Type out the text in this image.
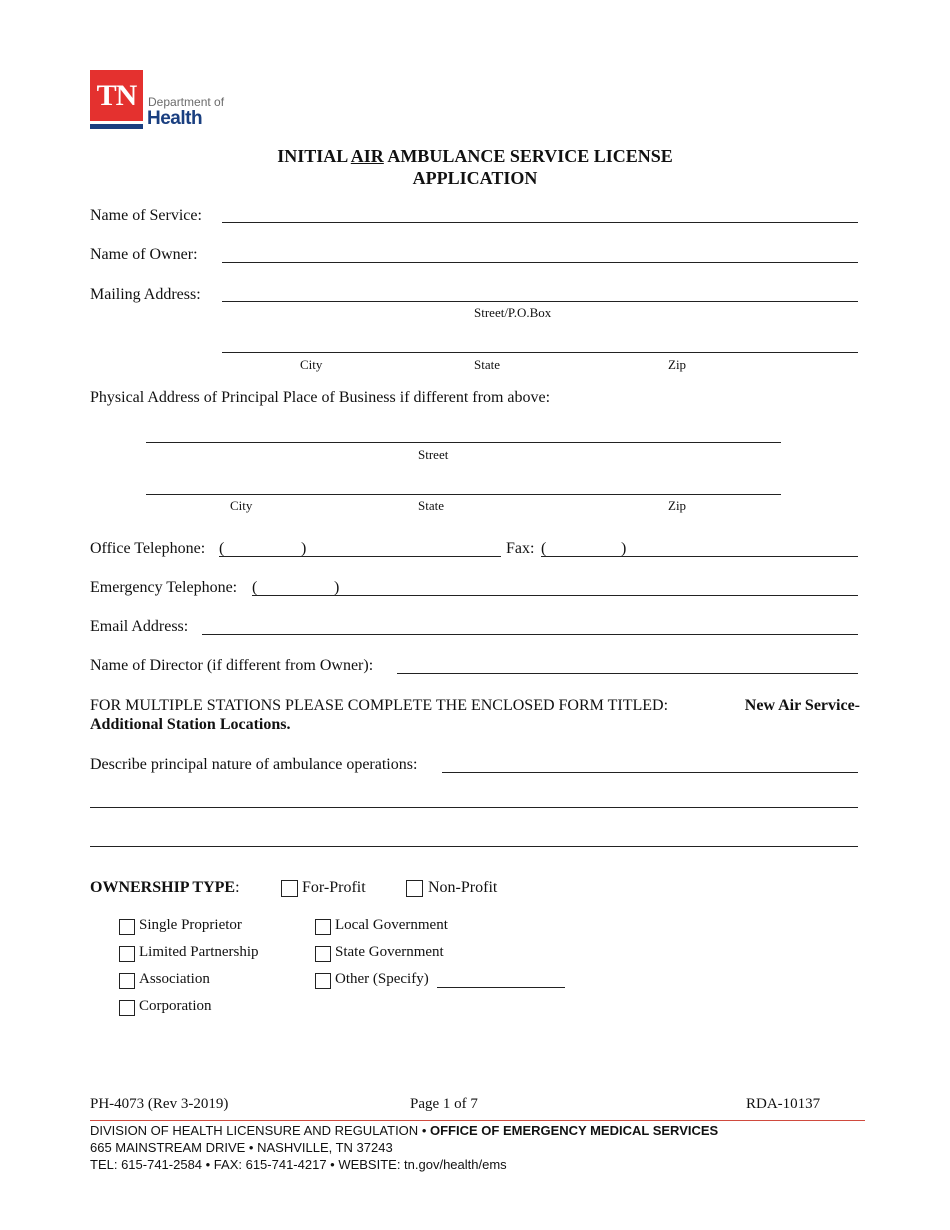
TN Department of
Health
INITIAL AIR AMBULANCE SERVICE LICENSE
APPLICATION
Name of Service:
Name of Owner:
Mailing Address:
Street/P.O.Box
City	State	Zip
Physical Address of Principal Place of Business if different from above:
Street
City	State	Zip
Office Telephone: (	)	Fax: (	)
Emergency Telephone: (	)
Email Address:
Name of Director (if different from Owner):
FOR MULTIPLE STATIONS PLEASE COMPLETE THE ENCLOSED FORM TITLED:	New Air Service-
Additional Station Locations.
Describe principal nature of ambulance operations:
OWNERSHIP TYPE:	For-Profit	Non-Profit
Single Proprietor
Limited Partnership
Association
Corporation
Local Government
State Government
Other (Specify)
PH-4073 (Rev 3-2019)	Page 1 of 7	RDA-10137
DIVISION OF HEALTH LICENSURE AND REGULATION • OFFICE OF EMERGENCY MEDICAL SERVICES
665 MAINSTREAM DRIVE • NASHVILLE, TN 37243
TEL: 615-741-2584 • FAX: 615-741-4217 • WEBSITE: tn.gov/health/ems
